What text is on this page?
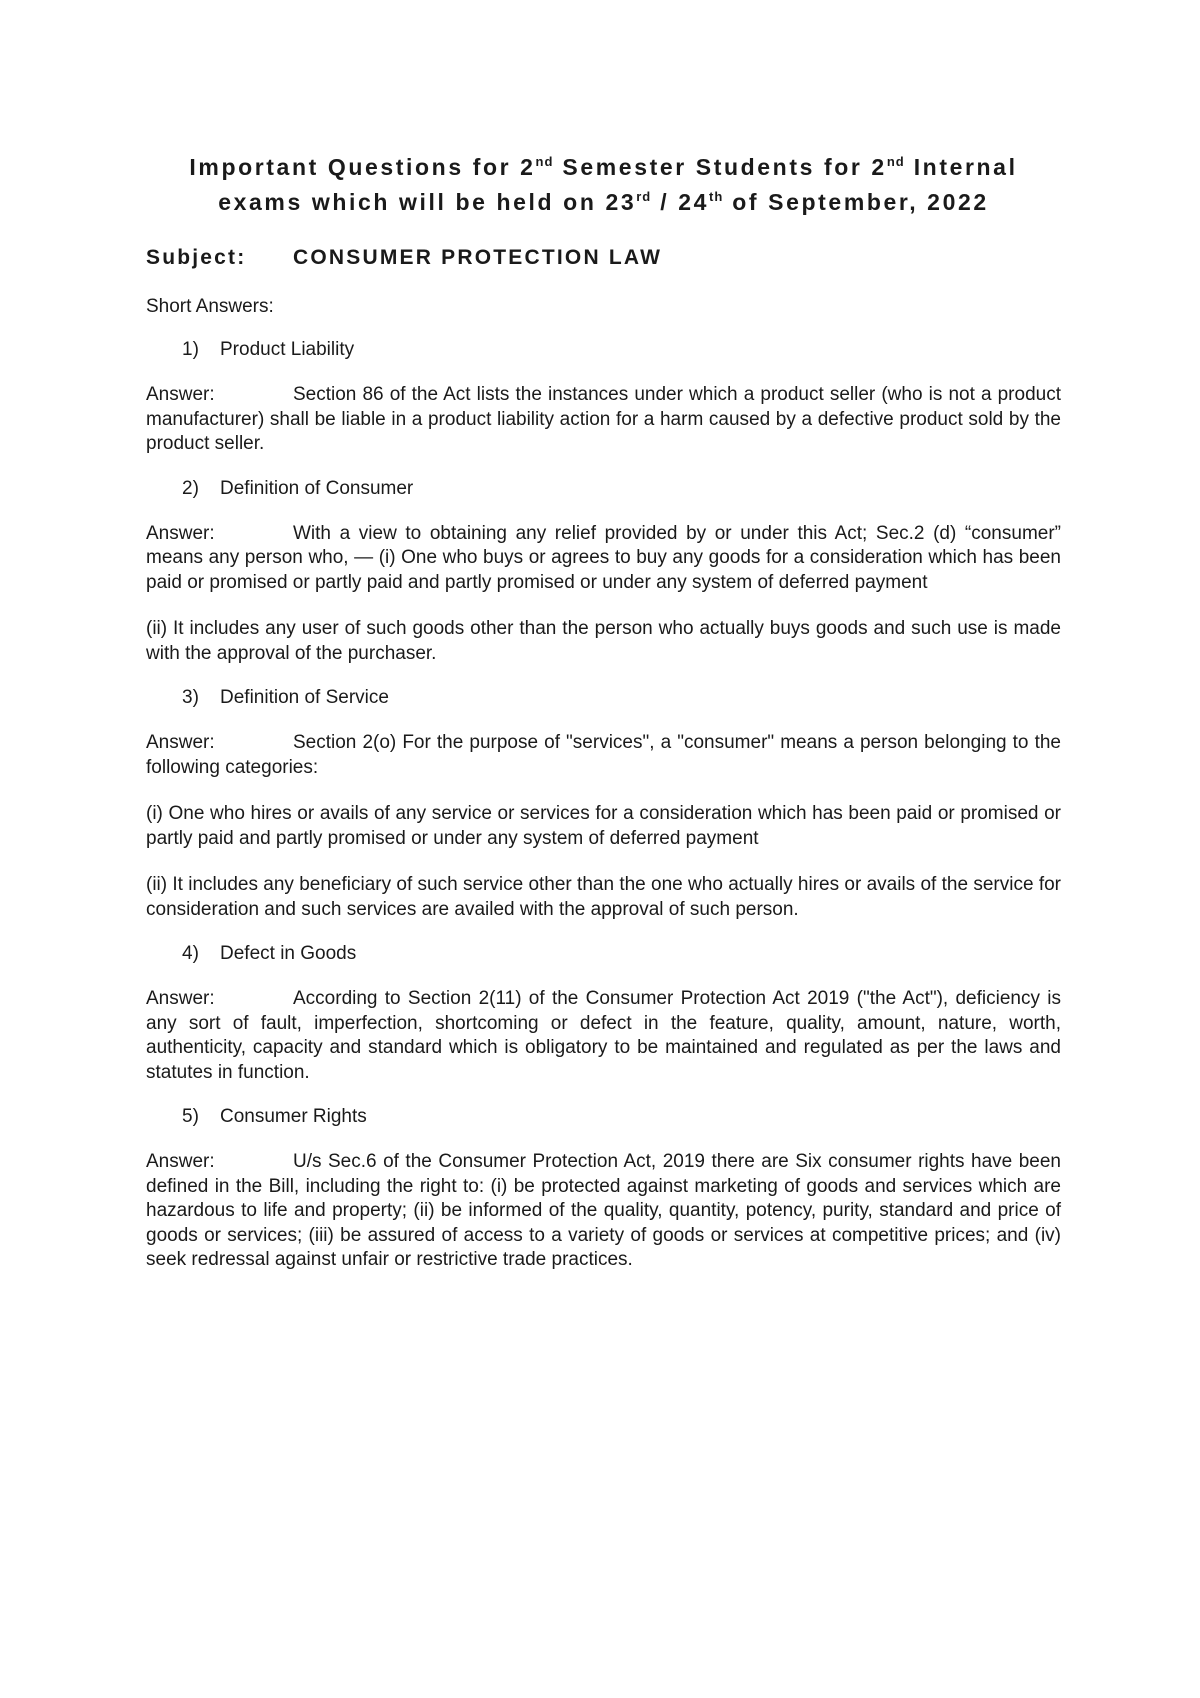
Important Questions for 2nd Semester Students for 2nd Internal
exams which will be held on 23rd / 24th of September, 2022

Subject:	CONSUMER PROTECTION LAW
Short Answers:
1)	Product Liability
Answer:	Section 86 of the Act lists the instances under which a product seller (who is not a product manufacturer) shall be liable in a product liability action for a harm caused by a defective product sold by the product seller.
2)	Definition of Consumer
Answer:	With a view to obtaining any relief provided by or under this Act; Sec.2 (d) “consumer” means any person who, — (i) One who buys or agrees to buy any goods for a consideration which has been paid or promised or partly paid and partly promised or under any system of deferred payment
(ii) It includes any user of such goods other than the person who actually buys goods and such use is made with the approval of the purchaser.
3)	Definition of Service
Answer:	Section 2(o) For the purpose of "services", a "consumer" means a person belonging to the following categories:
(i) One who hires or avails of any service or services for a consideration which has been paid or promised or partly paid and partly promised or under any system of deferred payment
(ii) It includes any beneficiary of such service other than the one who actually hires or avails of the service for consideration and such services are availed with the approval of such person.
4)	Defect in Goods
Answer:	According to Section 2(11) of the Consumer Protection Act 2019 ("the Act"), deficiency is any sort of fault, imperfection, shortcoming or defect in the feature, quality, amount, nature, worth, authenticity, capacity and standard which is obligatory to be maintained and regulated as per the laws and statutes in function.
5)	Consumer Rights
Answer:	U/s Sec.6 of the Consumer Protection Act, 2019 there are Six consumer rights have been defined in the Bill, including the right to: (i) be protected against marketing of goods and services which are hazardous to life and property; (ii) be informed of the quality, quantity, potency, purity, standard and price of goods or services; (iii) be assured of access to a variety of goods or services at competitive prices; and (iv) seek redressal against unfair or restrictive trade practices.
